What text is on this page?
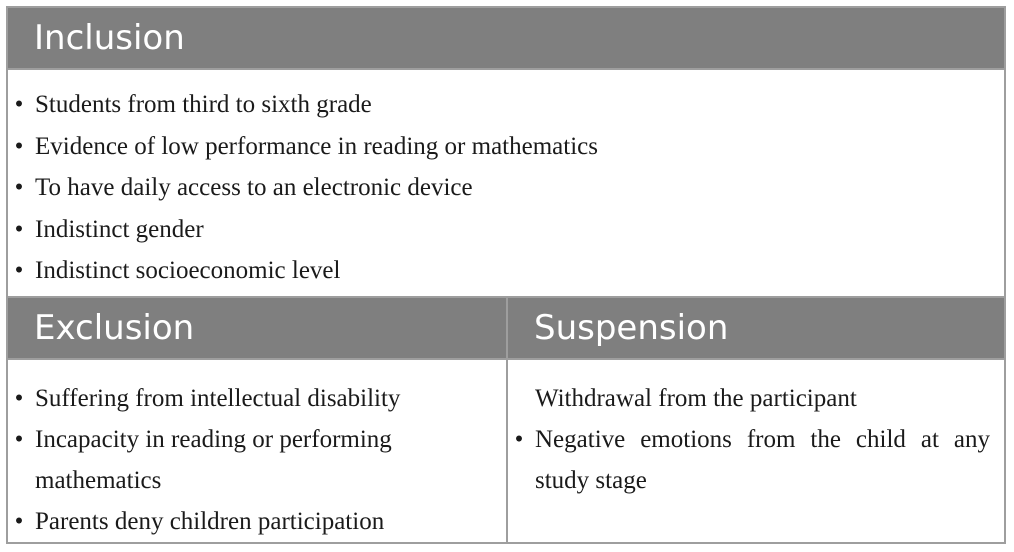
Inclusion
• Students from third to sixth grade
• Evidence of low performance in reading or mathematics
• To have daily access to an electronic device
• Indistinct gender
• Indistinct socioeconomic level
Exclusion	Suspension
• Suffering from intellectual disability
• Incapacity in reading or performing mathematics
• Parents deny children participation
Withdrawal from the participant
• Negative emotions from the child at any study stage
